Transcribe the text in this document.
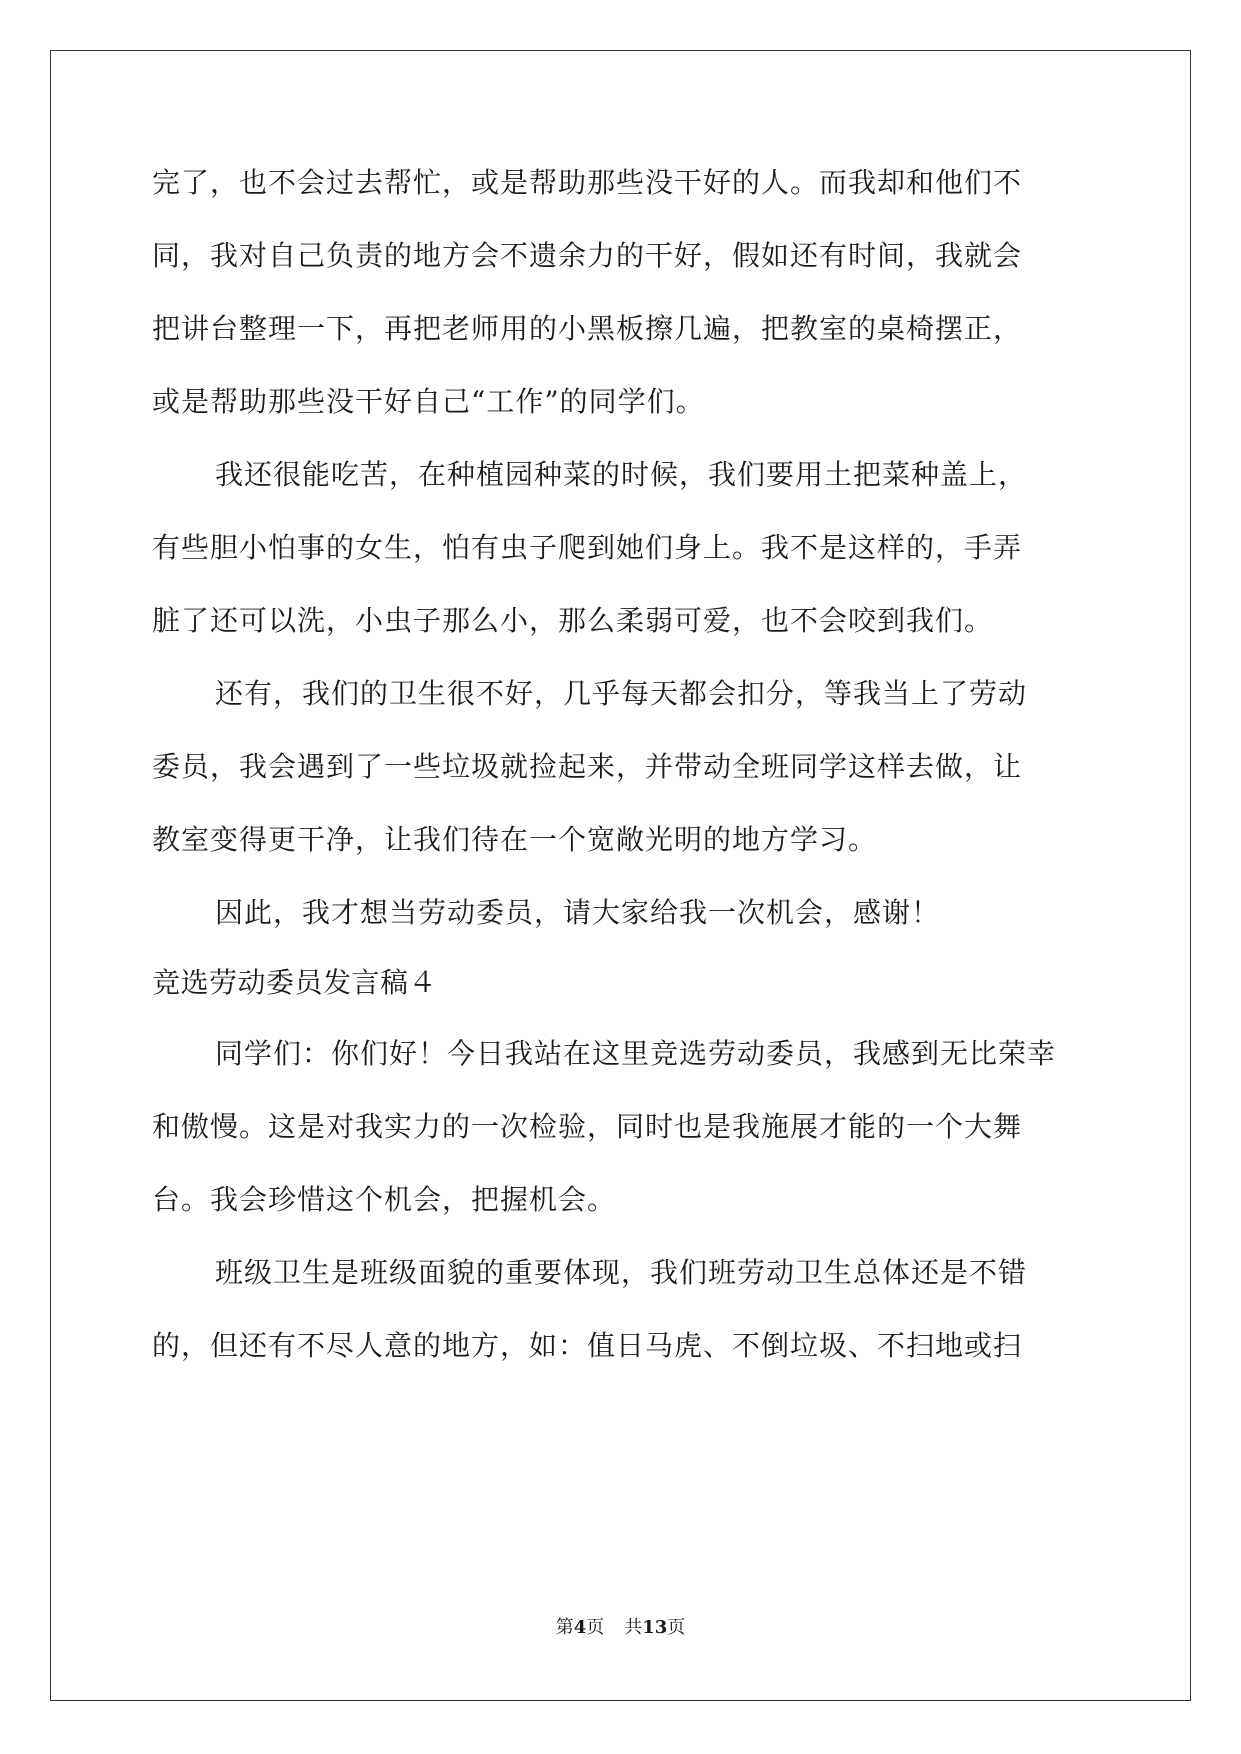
完了，也不会过去帮忙，或是帮助那些没干好的人。而我却和他们不
同，我对自己负责的地方会不遗余力的干好，假如还有时间，我就会
把讲台整理一下，再把老师用的小黑板擦几遍，把教室的桌椅摆正，
或是帮助那些没干好自己“工作”的同学们。
我还很能吃苦，在种植园种菜的时候，我们要用土把菜种盖上，
有些胆小怕事的女生，怕有虫子爬到她们身上。我不是这样的，手弄
脏了还可以洗，小虫子那么小，那么柔弱可爱，也不会咬到我们。
还有，我们的卫生很不好，几乎每天都会扣分，等我当上了劳动
委员，我会遇到了一些垃圾就捡起来，并带动全班同学这样去做，让
教室变得更干净，让我们待在一个宽敞光明的地方学习。
因此，我才想当劳动委员，请大家给我一次机会，感谢！
竞选劳动委员发言稿４
同学们：你们好！今日我站在这里竞选劳动委员，我感到无比荣幸
和傲慢。这是对我实力的一次检验，同时也是我施展才能的一个大舞
台。我会珍惜这个机会，把握机会。
班级卫生是班级面貌的重要体现，我们班劳动卫生总体还是不错
的，但还有不尽人意的地方，如：值日马虎、不倒垃圾、不扫地或扫
第4页 共13页
